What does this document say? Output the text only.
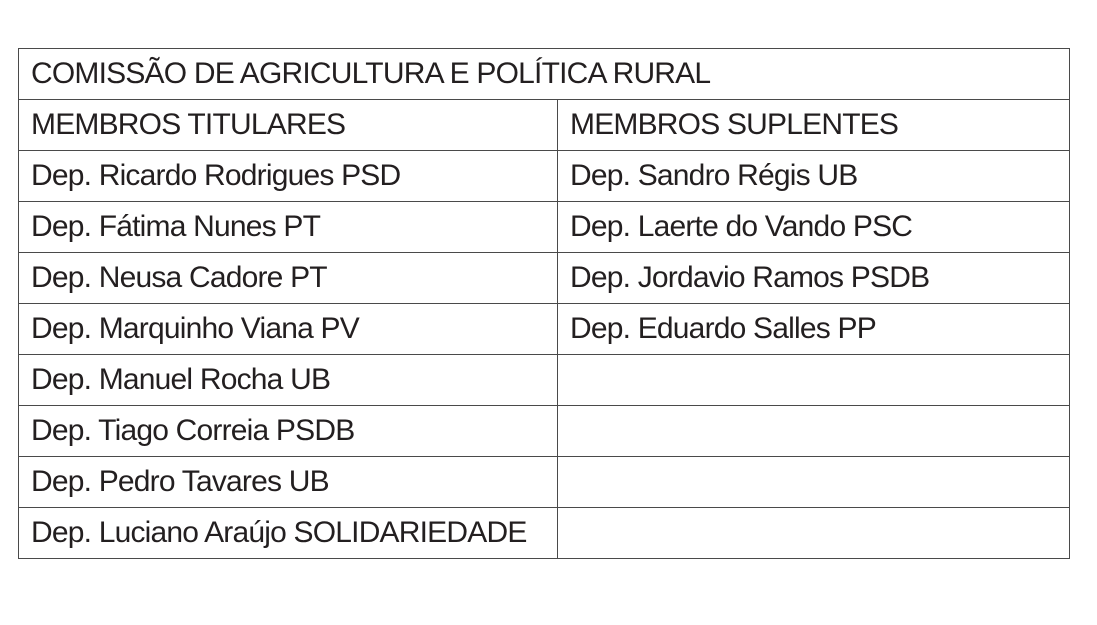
COMISSÃO DE AGRICULTURA E POLÍTICA RURAL	
MEMBROS TITULARES	MEMBROS SUPLENTES
Dep. Ricardo Rodrigues PSD	Dep. Sandro Régis UB
Dep. Fátima Nunes PT	Dep. Laerte do Vando PSC
Dep. Neusa Cadore PT	Dep. Jordavio Ramos PSDB
Dep. Marquinho Viana PV	Dep. Eduardo Salles PP
Dep. Manuel Rocha UB	
Dep. Tiago Correia PSDB	
Dep. Pedro Tavares UB	
Dep. Luciano Araújo SOLIDARIEDADE	
